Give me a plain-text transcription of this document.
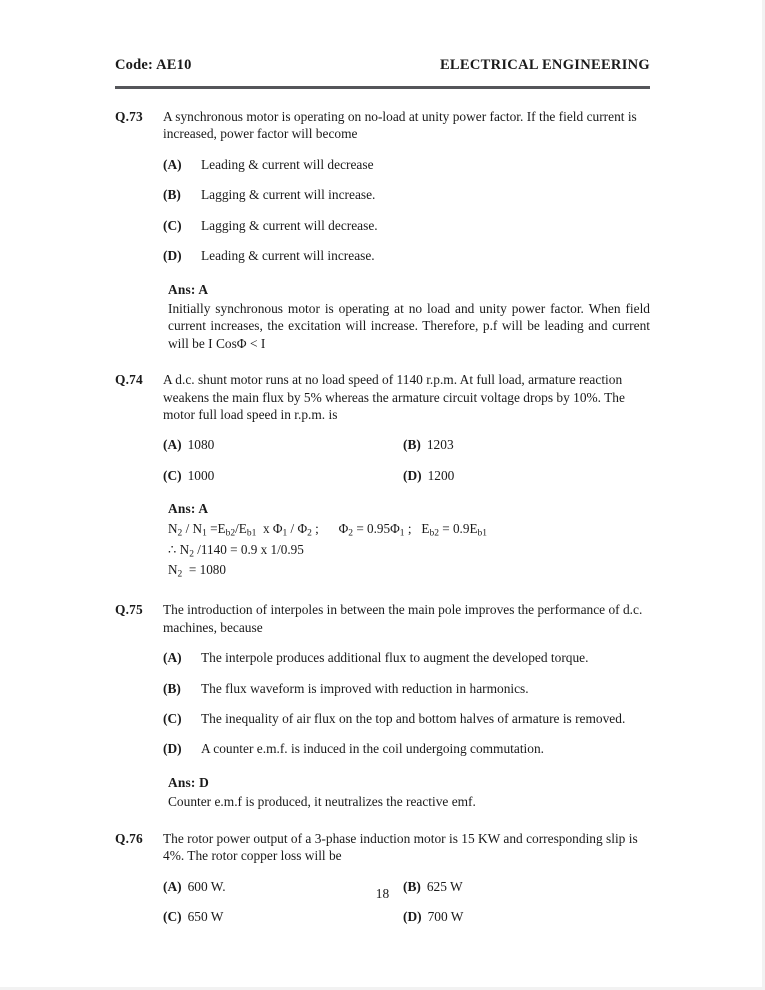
Code: AE10	ELECTRICAL ENGINEERING
Q.73	A synchronous motor is operating on no-load at unity power factor. If the field current is increased, power factor will become
(A)	Leading & current will decrease
(B)	Lagging & current will increase.
(C)	Lagging & current will decrease.
(D)	Leading & current will increase.
Ans: A
Initially synchronous motor is operating at no load and unity power factor. When field current increases, the excitation will increase. Therefore, p.f will be leading and current will be I CosΦ < I
Q.74	A d.c. shunt motor runs at no load speed of 1140 r.p.m. At full load, armature reaction weakens the main flux by 5% whereas the armature circuit voltage drops by 10%. The motor full load speed in r.p.m. is
(A) 1080	(B) 1203
(C) 1000	(D) 1200
Ans: A
$N_2 / N_1 =E_{b2}/E_{b1}$  x $\Phi_1 / \Phi_2$ ;      $\Phi_2 = 0.95\Phi_1$ ;   $E_{b2} = 0.9E_{b1}$
∴ $N_2$ /1140 = 0.9 x 1/0.95
$N_2 = 1080$
Q.75	The introduction of interpoles in between the main pole improves the performance of d.c. machines, because
(A)	The interpole produces additional flux to augment the developed torque.
(B)	The flux waveform is improved with reduction in harmonics.
(C)	The inequality of air flux on the top and bottom halves of armature is removed.
(D)	A counter e.m.f. is induced in the coil undergoing commutation.
Ans: D
Counter e.m.f is produced, it neutralizes the reactive emf.
Q.76	The rotor power output of a 3-phase induction motor is 15 KW and corresponding slip is 4%. The rotor copper loss will be
(A) 600 W.	(B) 625 W
(C) 650 W	(D) 700 W
18
